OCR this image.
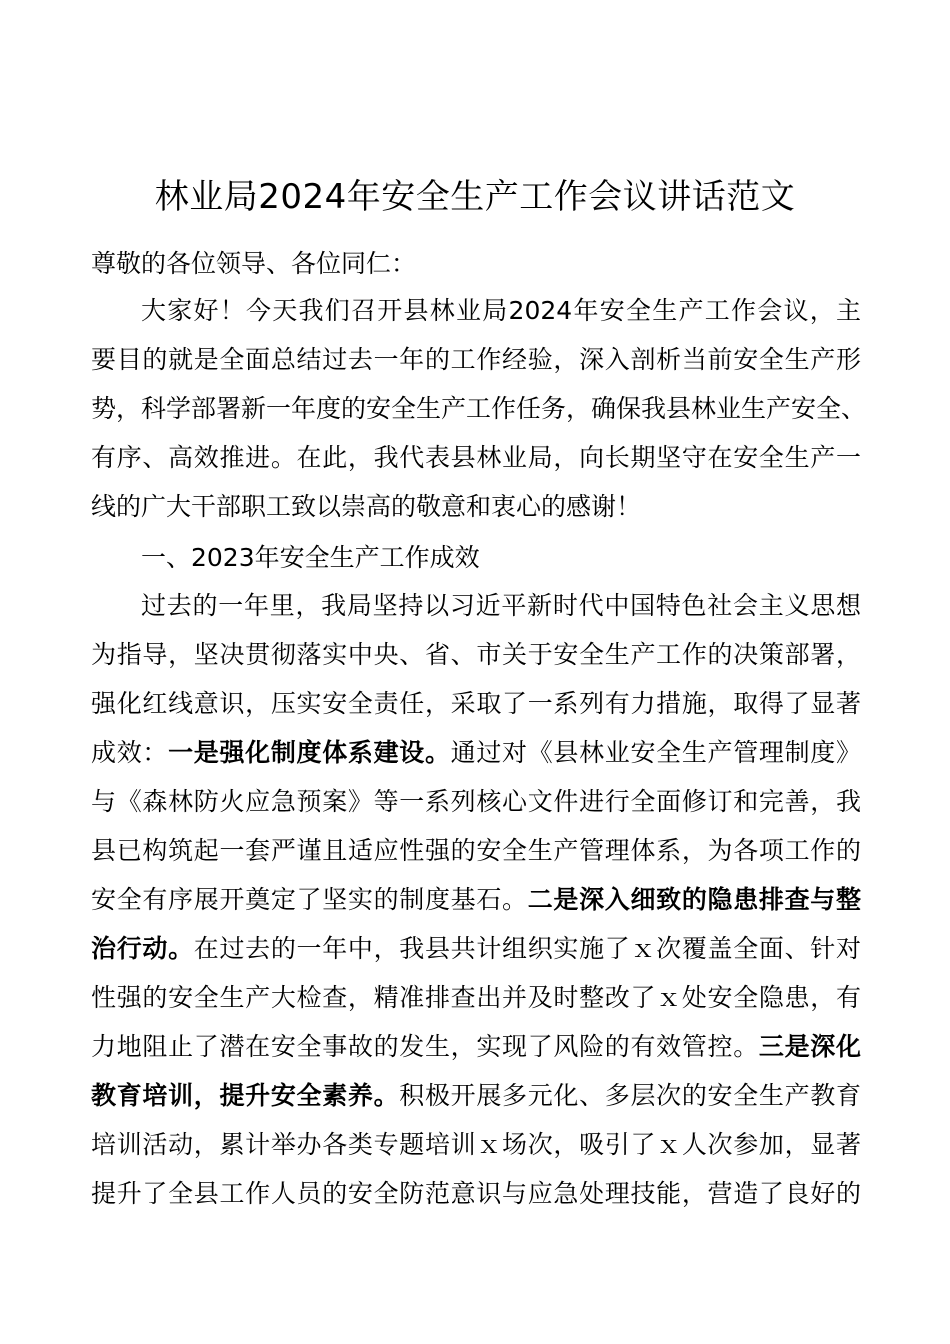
林业局2024年安全生产工作会议讲话范文
尊敬的各位领导、各位同仁：
大家好！今天我们召开县林业局2024年安全生产工作会议，主
要目的就是全面总结过去一年的工作经验，深入剖析当前安全生产形
势，科学部署新一年度的安全生产工作任务，确保我县林业生产安全、
有序、高效推进。在此，我代表县林业局，向长期坚守在安全生产一
线的广大干部职工致以崇高的敬意和衷心的感谢！
一、2023年安全生产工作成效
过去的一年里，我局坚持以习近平新时代中国特色社会主义思想
为指导，坚决贯彻落实中央、省、市关于安全生产工作的决策部署，
强化红线意识，压实安全责任，采取了一系列有力措施，取得了显著
成效：一是强化制度体系建设。通过对《县林业安全生产管理制度》
与《森林防火应急预案》等一系列核心文件进行全面修订和完善，我
县已构筑起一套严谨且适应性强的安全生产管理体系，为各项工作的
安全有序展开奠定了坚实的制度基石。二是深入细致的隐患排查与整
治行动。在过去的一年中，我县共计组织实施了ｘ次覆盖全面、针对
性强的安全生产大检查，精准排查出并及时整改了ｘ处安全隐患，有
力地阻止了潜在安全事故的发生，实现了风险的有效管控。三是深化
教育培训，提升安全素养。积极开展多元化、多层次的安全生产教育
培训活动，累计举办各类专题培训ｘ场次，吸引了ｘ人次参加，显著
提升了全县工作人员的安全防范意识与应急处理技能，营造了良好的
